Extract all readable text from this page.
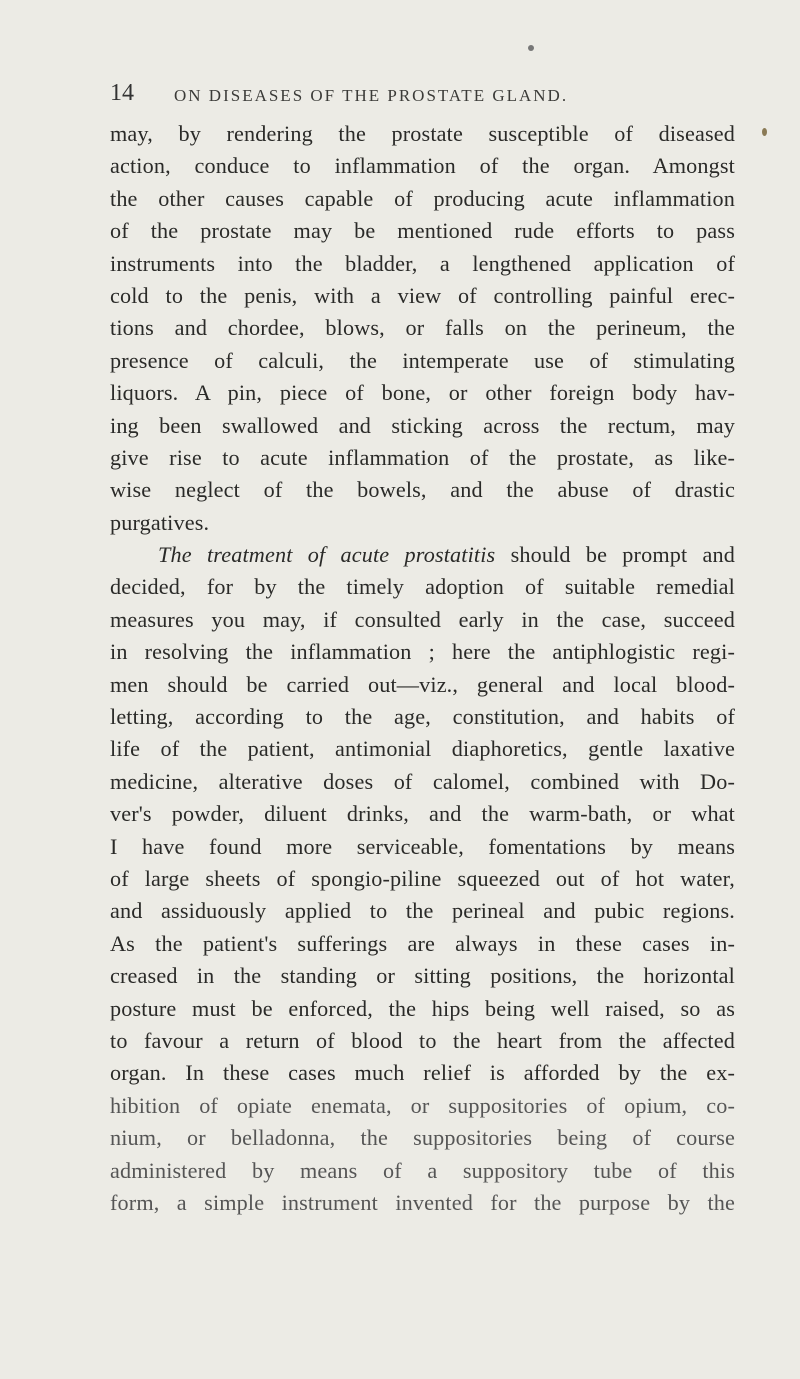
14 ON DISEASES OF THE PROSTATE GLAND.
may, by rendering the prostate susceptible of diseased
action, conduce to inflammation of the organ. Amongst
the other causes capable of producing acute inflammation
of the prostate may be mentioned rude efforts to pass
instruments into the bladder, a lengthened application of
cold to the penis, with a view of controlling painful erec-
tions and chordee, blows, or falls on the perineum, the
presence of calculi, the intemperate use of stimulating
liquors. A pin, piece of bone, or other foreign body hav-
ing been swallowed and sticking across the rectum, may
give rise to acute inflammation of the prostate, as like-
wise neglect of the bowels, and the abuse of drastic
purgatives.
The treatment of acute prostatitis should be prompt and
decided, for by the timely adoption of suitable remedial
measures you may, if consulted early in the case, succeed
in resolving the inflammation ; here the antiphlogistic regi-
men should be carried out—viz., general and local blood-
letting, according to the age, constitution, and habits of
life of the patient, antimonial diaphoretics, gentle laxative
medicine, alterative doses of calomel, combined with Do-
ver's powder, diluent drinks, and the warm-bath, or what
I have found more serviceable, fomentations by means
of large sheets of spongio-piline squeezed out of hot water,
and assiduously applied to the perineal and pubic regions.
As the patient's sufferings are always in these cases in-
creased in the standing or sitting positions, the horizontal
posture must be enforced, the hips being well raised, so as
to favour a return of blood to the heart from the affected
organ. In these cases much relief is afforded by the ex-
hibition of opiate enemata, or suppositories of opium, co-
nium, or belladonna, the suppositories being of course
administered by means of a suppository tube of this
form, a simple instrument invented for the purpose by the
